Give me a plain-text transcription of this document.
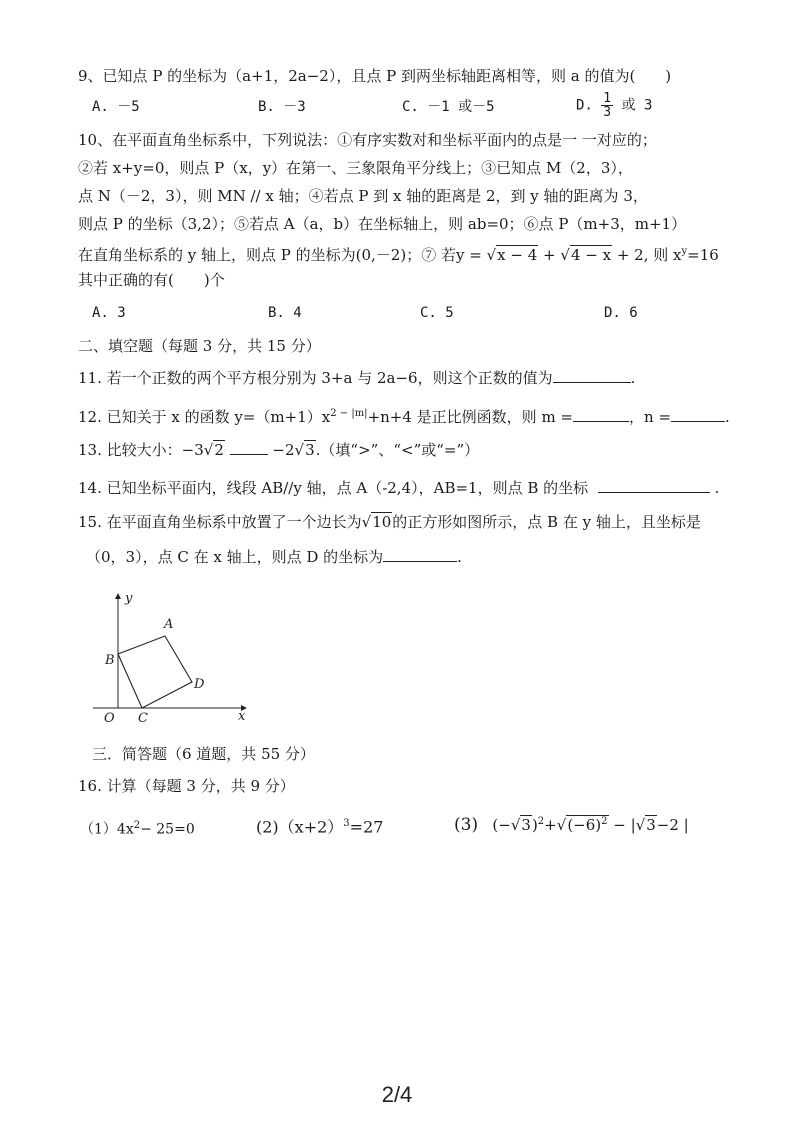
9、已知点 P 的坐标为（a+1，2a−2），且点 P 到两坐标轴距离相等，则 a 的值为(　　)
A. －5	B. －3	C. －1 或－5	D. $\frac{1}{3}$ 或 3
10、在平面直角坐标系中，下列说法：①有序实数对和坐标平面内的点是一 一对应的；
②若 x+y=0，则点 P（x，y）在第一、三象限角平分线上；③已知点 M（2，3），
点 N（－2，3），则 MN // x 轴；④若点 P 到 x 轴的距离是 2，到 y 轴的距离为 3，
则点 P 的坐标（3,2）；⑤若点 A（a，b）在坐标轴上，则 ab=0；⑥点 P（m+3，m+1）
在直角坐标系的 y 轴上，则点 P 的坐标为(0,－2)；⑦ 若y = √x − 4 + √4 − x + 2, 则 $x^y=16$
其中正确的有(　　)个
A. 3	B. 4	C. 5	D. 6
二、填空题（每题 3 分，共 15 分）
11. 若一个正数的两个平方根分别为 3+a 与 2a−6，则这个正数的值为	.
12. 已知关于 x 的函数 $y=(m+1)x^{2 - |m|}+n+4$ 是正比例函数，则 m =	，n =	.
13. 比较大小：−3√2	−2√3.（填“>”、“<”或“=”）
14. 已知坐标平面内，线段 AB//y 轴，点 A（-2,4），AB=1，则点 B 的坐标	.
15. 在平面直角坐标系中放置了一个边长为√10的正方形如图所示，点 B 在 y 轴上，且坐标是
（0，3），点 C 在 x 轴上，则点 D 的坐标为	.
y
x
O
A
B
C
D
三．简答题（6 道题，共 55 分）
16. 计算（每题 3 分，共 9 分）
$(1)4x^2- 25=0$	$(2)(x+2)^3=27$	(3) $(-√3)^2+√(-6)^2 - |√3-2$ |
2/4
